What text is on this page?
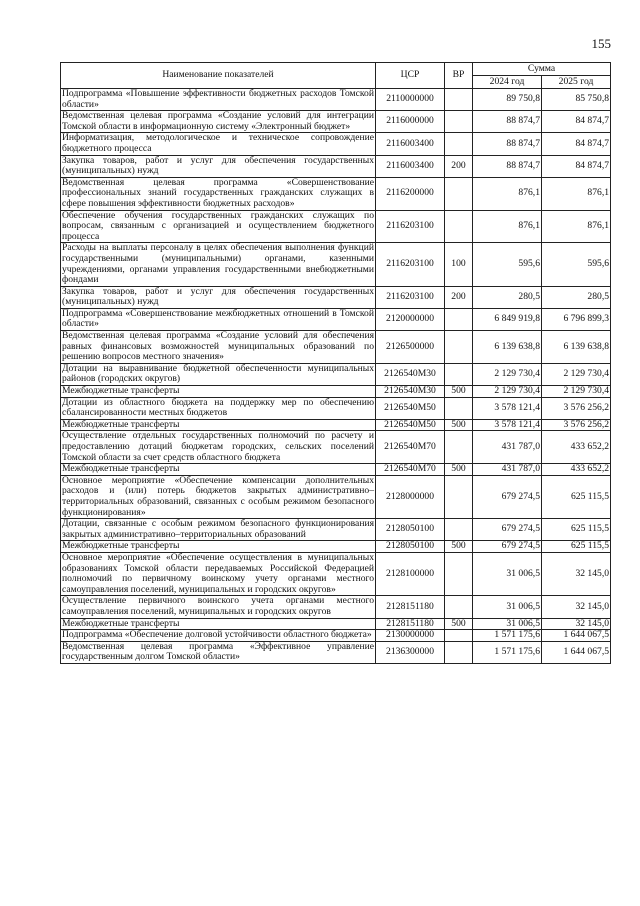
155
Наименование показателей	ЦСР	ВР	Сумма	
			2024 год	2025 год
Подпрограмма «Повышение эффективности бюджетных расходов Томской области»	2110000000		89 750,8	85 750,8
Ведомственная целевая программа «Создание условий для интеграции Томской области в информационную систему «Электронный бюджет»	2116000000		88 874,7	84 874,7
Информатизация, методологическое и техническое сопровождение бюджетного процесса	2116003400		88 874,7	84 874,7
Закупка товаров, работ и услуг для обеспечения государственных (муниципальных) нужд	2116003400	200	88 874,7	84 874,7
Ведомственная целевая программа «Совершенствование профессиональных знаний государственных гражданских служащих в сфере повышения эффективности бюджетных расходов»	2116200000		876,1	876,1
Обеспечение обучения государственных гражданских служащих по вопросам, связанным с организацией и осуществлением бюджетного процесса	2116203100		876,1	876,1
Расходы на выплаты персоналу в целях обеспечения выполнения функций государственными (муниципальными) органами, казенными учреждениями, органами управления государственными внебюджетными фондами	2116203100	100	595,6	595,6
Закупка товаров, работ и услуг для обеспечения государственных (муниципальных) нужд	2116203100	200	280,5	280,5
Подпрограмма «Совершенствование межбюджетных отношений в Томской области»	2120000000		6 849 919,8	6 796 899,3
Ведомственная целевая программа «Создание условий для обеспечения равных финансовых возможностей муниципальных образований по решению вопросов местного значения»	2126500000		6 139 638,8	6 139 638,8
Дотации на выравнивание бюджетной обеспеченности муниципальных районов (городских округов)	2126540М30		2 129 730,4	2 129 730,4
Межбюджетные трансферты	2126540М30	500	2 129 730,4	2 129 730,4
Дотации из областного бюджета на поддержку мер по обеспечению сбалансированности местных бюджетов	2126540М50		3 578 121,4	3 576 256,2
Межбюджетные трансферты	2126540М50	500	3 578 121,4	3 576 256,2
Осуществление отдельных государственных полномочий по расчету и предоставлению дотаций бюджетам городских, сельских поселений Томской области за счет средств областного бюджета	2126540М70		431 787,0	433 652,2
Межбюджетные трансферты	2126540М70	500	431 787,0	433 652,2
Основное мероприятие «Обеспечение компенсации дополнительных расходов и (или) потерь бюджетов закрытых административно–территориальных образований, связанных с особым режимом безопасного функционирования»	2128000000		679 274,5	625 115,5
Дотации, связанные с особым режимом безопасного функционирования закрытых административно–территориальных образований	2128050100		679 274,5	625 115,5
Межбюджетные трансферты	2128050100	500	679 274,5	625 115,5
Основное мероприятие «Обеспечение осуществления в муниципальных образованиях Томской области передаваемых Российской Федерацией полномочий по первичному воинскому учету органами местного самоуправления поселений, муниципальных и городских округов»	2128100000		31 006,5	32 145,0
Осуществление первичного воинского учета органами местного самоуправления поселений, муниципальных и городских округов	2128151180		31 006,5	32 145,0
Межбюджетные трансферты	2128151180	500	31 006,5	32 145,0
Подпрограмма «Обеспечение долговой устойчивости областного бюджета»	2130000000		1 571 175,6	1 644 067,5
Ведомственная целевая программа «Эффективное управление государственным долгом Томской области»	2136300000		1 571 175,6	1 644 067,5
